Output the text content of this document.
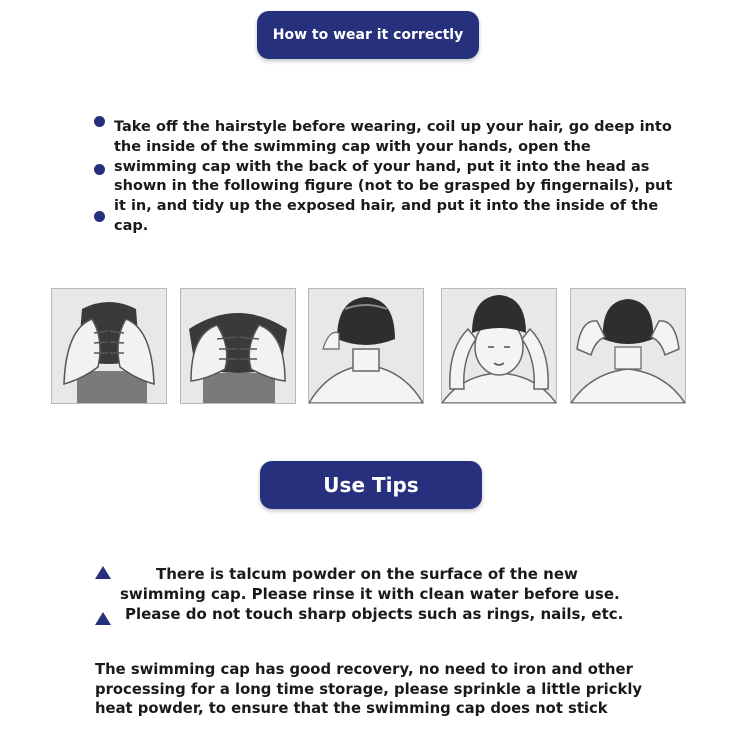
How to wear it correctly
Take off the hairstyle before wearing, coil up your hair, go deep into the inside of the swimming cap with your hands, open the swimming cap with the back of your hand, put it into the head as shown in the following figure (not to be grasped by fingernails), put it in, and tidy up the exposed hair, and put it into the inside of the cap.
Use Tips
There is talcum powder on the surface of the new
swimming cap. Please rinse it with clean water before use.
Please do not touch sharp objects such as rings, nails, etc.
The swimming cap has good recovery, no need to iron and other processing for a long time storage, please sprinkle a little prickly heat powder, to ensure that the swimming cap does not stick
